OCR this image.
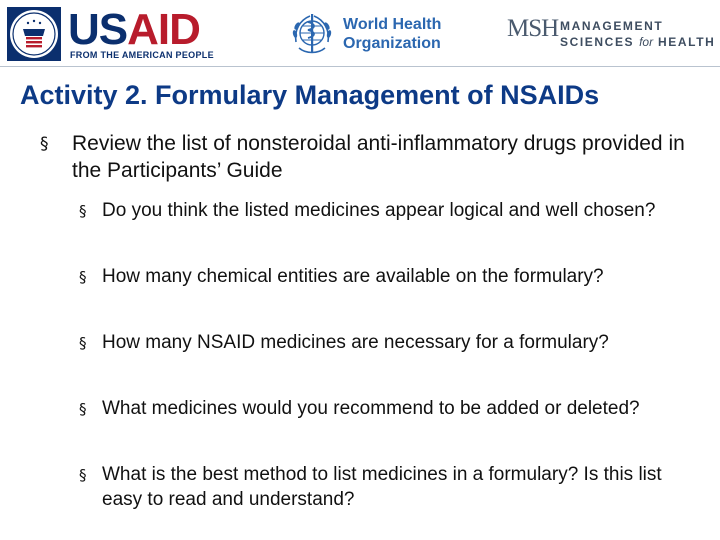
USAID
FROM THE AMERICAN PEOPLE
World Health
Organization
MSH MANAGEMENT
SCIENCES for HEALTH
Activity 2. Formulary Management of NSAIDs
§ Review the list of nonsteroidal anti-inflammatory drugs provided in the Participants’ Guide
§ Do you think the listed medicines appear logical and well chosen?
§ How many chemical entities are available on the formulary?
§ How many NSAID medicines are necessary for a formulary?
§ What medicines would you recommend to be added or deleted?
§ What is the best method to list medicines in a formulary? Is this list easy to read and understand?
